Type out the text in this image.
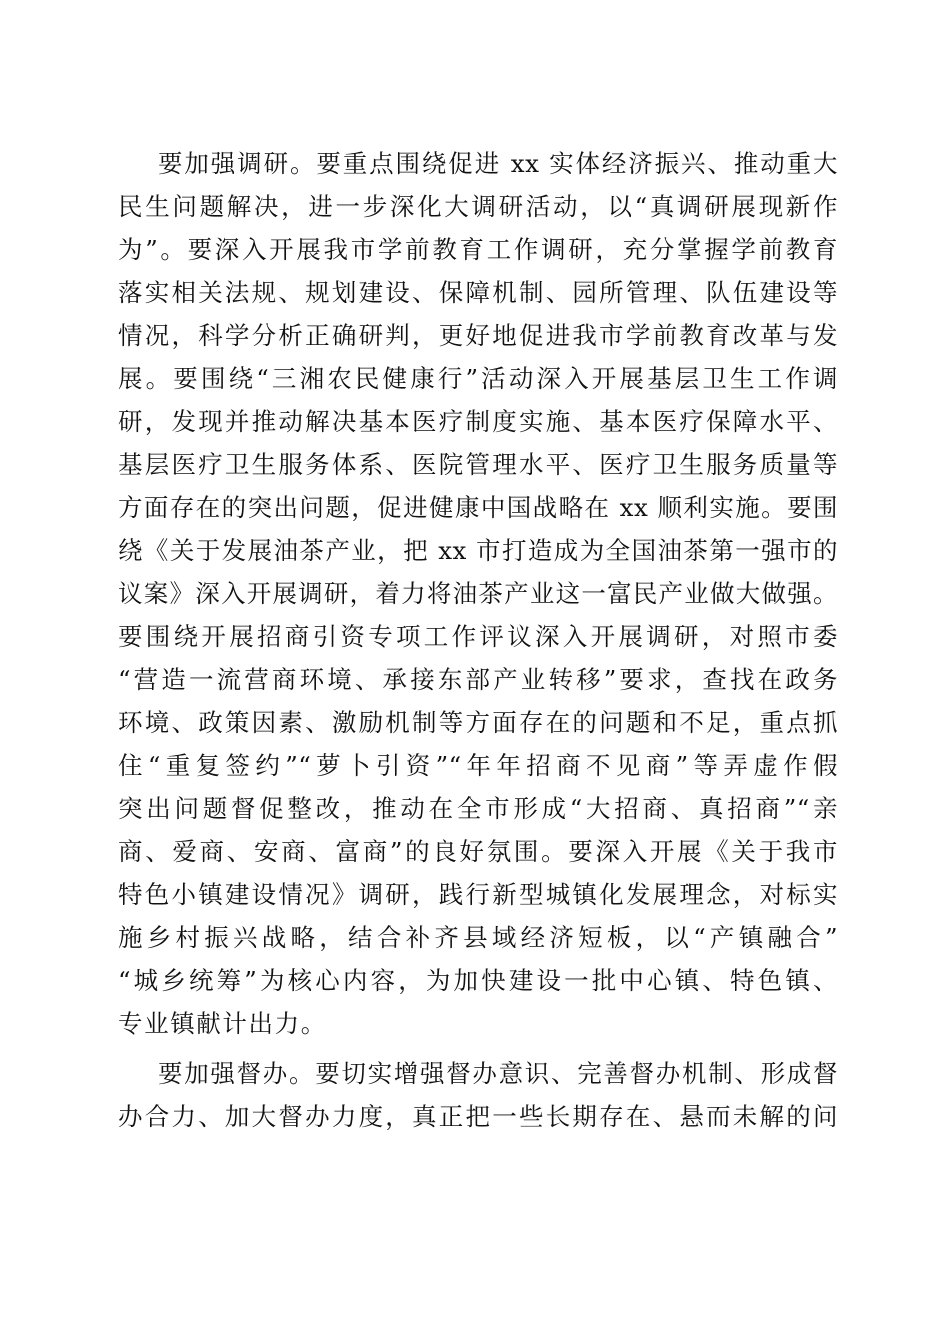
要加强调研。要重点围绕促进 xx 实体经济振兴、推动重大
民生问题解决，进一步深化大调研活动，以“真调研展现新作
为”。要深入开展我市学前教育工作调研，充分掌握学前教育
落实相关法规、规划建设、保障机制、园所管理、队伍建设等
情况，科学分析正确研判，更好地促进我市学前教育改革与发
展。要围绕“三湘农民健康行”活动深入开展基层卫生工作调
研，发现并推动解决基本医疗制度实施、基本医疗保障水平、
基层医疗卫生服务体系、医院管理水平、医疗卫生服务质量等
方面存在的突出问题，促进健康中国战略在 xx 顺利实施。要围
绕《关于发展油茶产业，把 xx 市打造成为全国油茶第一强市的
议案》深入开展调研，着力将油茶产业这一富民产业做大做强。
要围绕开展招商引资专项工作评议深入开展调研，对照市委
“营造一流营商环境、承接东部产业转移”要求，查找在政务
环境、政策因素、激励机制等方面存在的问题和不足，重点抓
住“重复签约”“萝卜引资”“年年招商不见商”等弄虚作假
突出问题督促整改，推动在全市形成“大招商、真招商”“亲
商、爱商、安商、富商”的良好氛围。要深入开展《关于我市
特色小镇建设情况》调研，践行新型城镇化发展理念，对标实
施乡村振兴战略，结合补齐县域经济短板，以“产镇融合”
“城乡统筹”为核心内容，为加快建设一批中心镇、特色镇、
专业镇献计出力。
要加强督办。要切实增强督办意识、完善督办机制、形成督
办合力、加大督办力度，真正把一些长期存在、悬而未解的问
